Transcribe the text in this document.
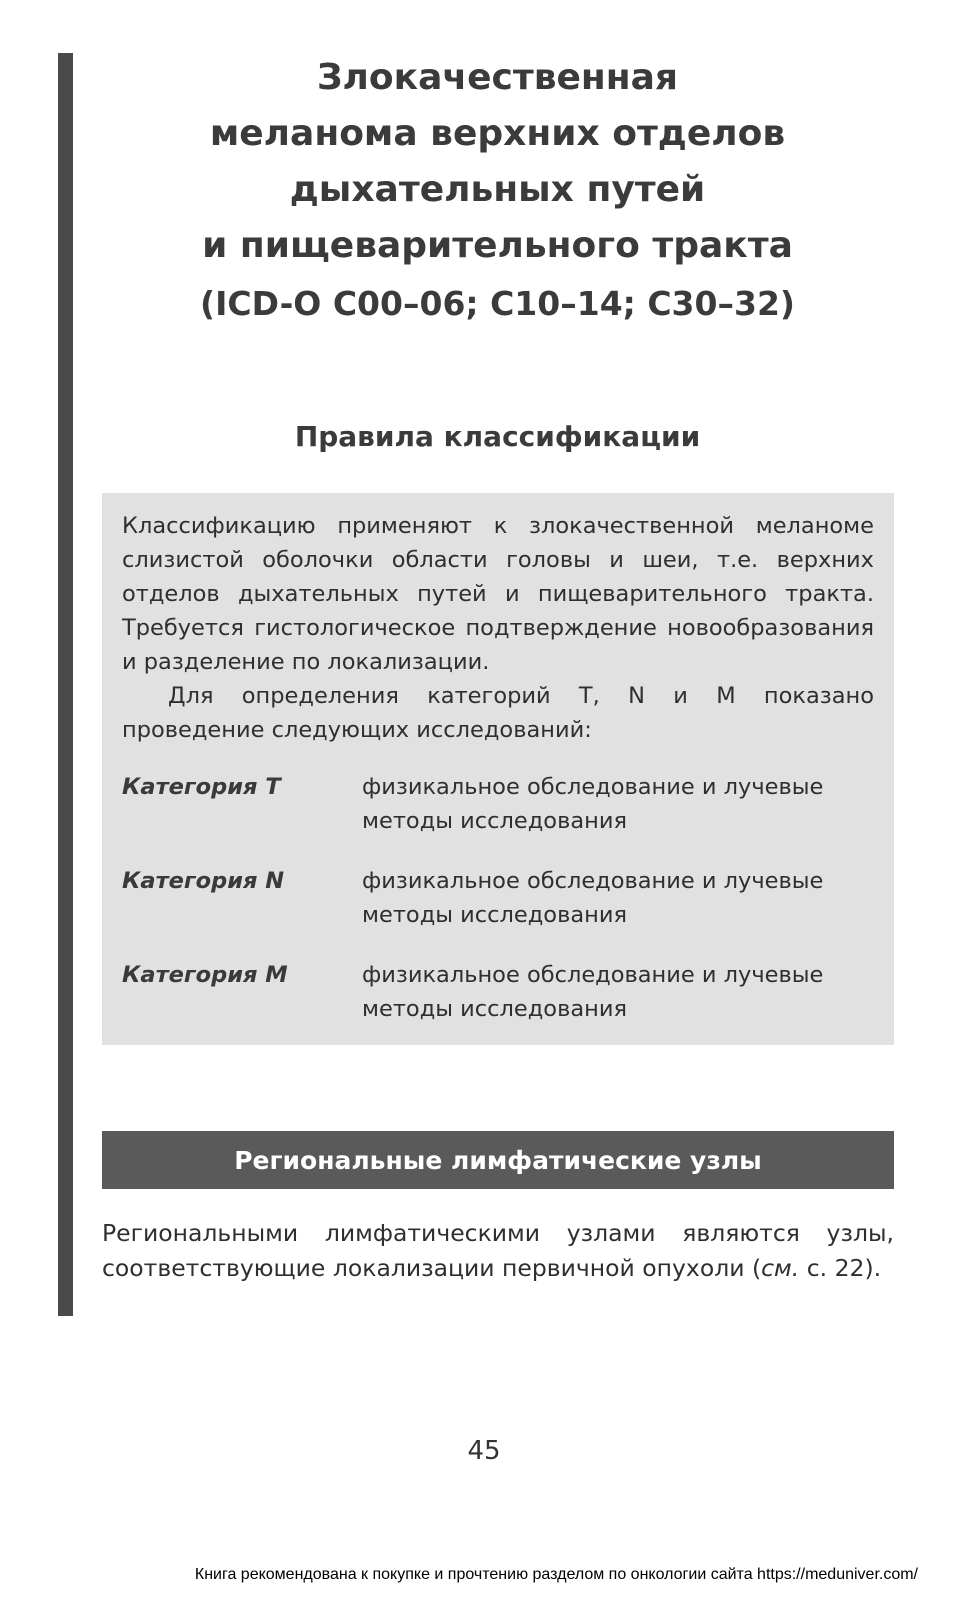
Злокачественная
меланома верхних отделов
дыхательных путей
и пищеварительного тракта
(ICD-O C00–06; C10–14; C30–32)
Правила классификации

Классификацию применяют к злокачественной меланоме слизистой оболочки области головы и шеи, т.е. верхних отделов дыхательных путей и пищеварительного тракта. Требуется гистологическое подтверждение новообразования и разделение по локализации.

Для определения категорий T, N и M показано проведение следующих исследований:

Категория T	физикальное обследование и лучевые методы исследования
Категория N	физикальное обследование и лучевые методы исследования
Категория M	физикальное обследование и лучевые методы исследования
Региональные лимфатические узлы

Региональными лимфатическими узлами являются узлы, соответствующие локализации первичной опухоли (см. с. 22).

45
Книга рекомендована к покупке и прочтению разделом по онкологии сайта https://meduniver.com/
